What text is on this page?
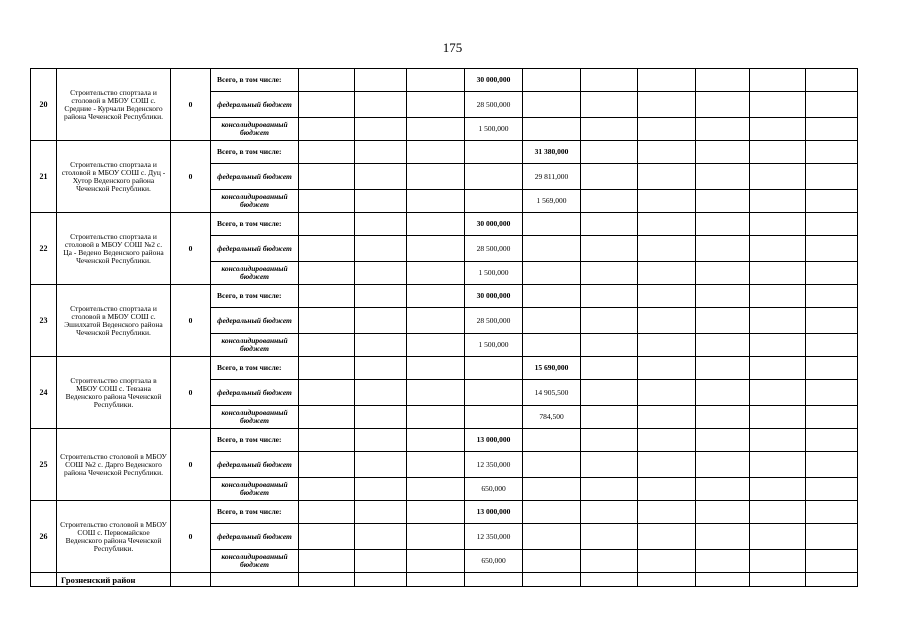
175
20	Строительство спортзала и столовой в МБОУ СОШ с. Средние - Курчали Веденского района Чеченской Республики.	0	Всего, в том числе:				30 000,000						
			федеральный бюджет				28 500,000						
			консолидированный бюджет				1 500,000						
21	Строительство спортзала и столовой в МБОУ СОШ с. Дуц - Хутор Веденского района Чеченской Республики.	0	Всего, в том числе:					31 380,000					
			федеральный бюджет					29 811,000					
			консолидированный бюджет					1 569,000					
22	Строительство спортзала и столовой в МБОУ СОШ №2 с. Ца - Ведено Веденского района Чеченской Республики.	0	Всего, в том числе:				30 000,000						
			федеральный бюджет				28 500,000						
			консолидированный бюджет				1 500,000						
23	Строительство спортзала и столовой в МБОУ СОШ с. Эшилхатой Веденского района Чеченской Республики.	0	Всего, в том числе:				30 000,000						
			федеральный бюджет				28 500,000						
			консолидированный бюджет				1 500,000						
24	Строительство спортзала в МБОУ СОШ с. Тевзана Веденского района Чеченской Республики.	0	Всего, в том числе:					15 690,000					
			федеральный бюджет					14 905,500					
			консолидированный бюджет					784,500					
25	Строительство столовой в МБОУ СОШ №2 с. Дарго Веденского района Чеченской Республики.	0	Всего, в том числе:				13 000,000						
			федеральный бюджет				12 350,000						
			консолидированный бюджет				650,000						
26	Строительство столовой в МБОУ СОШ с. Первомайское Веденского района Чеченской Республики.	0	Всего, в том числе:				13 000,000						
			федеральный бюджет				12 350,000						
			консолидированный бюджет				650,000						
	Грозненский район												
